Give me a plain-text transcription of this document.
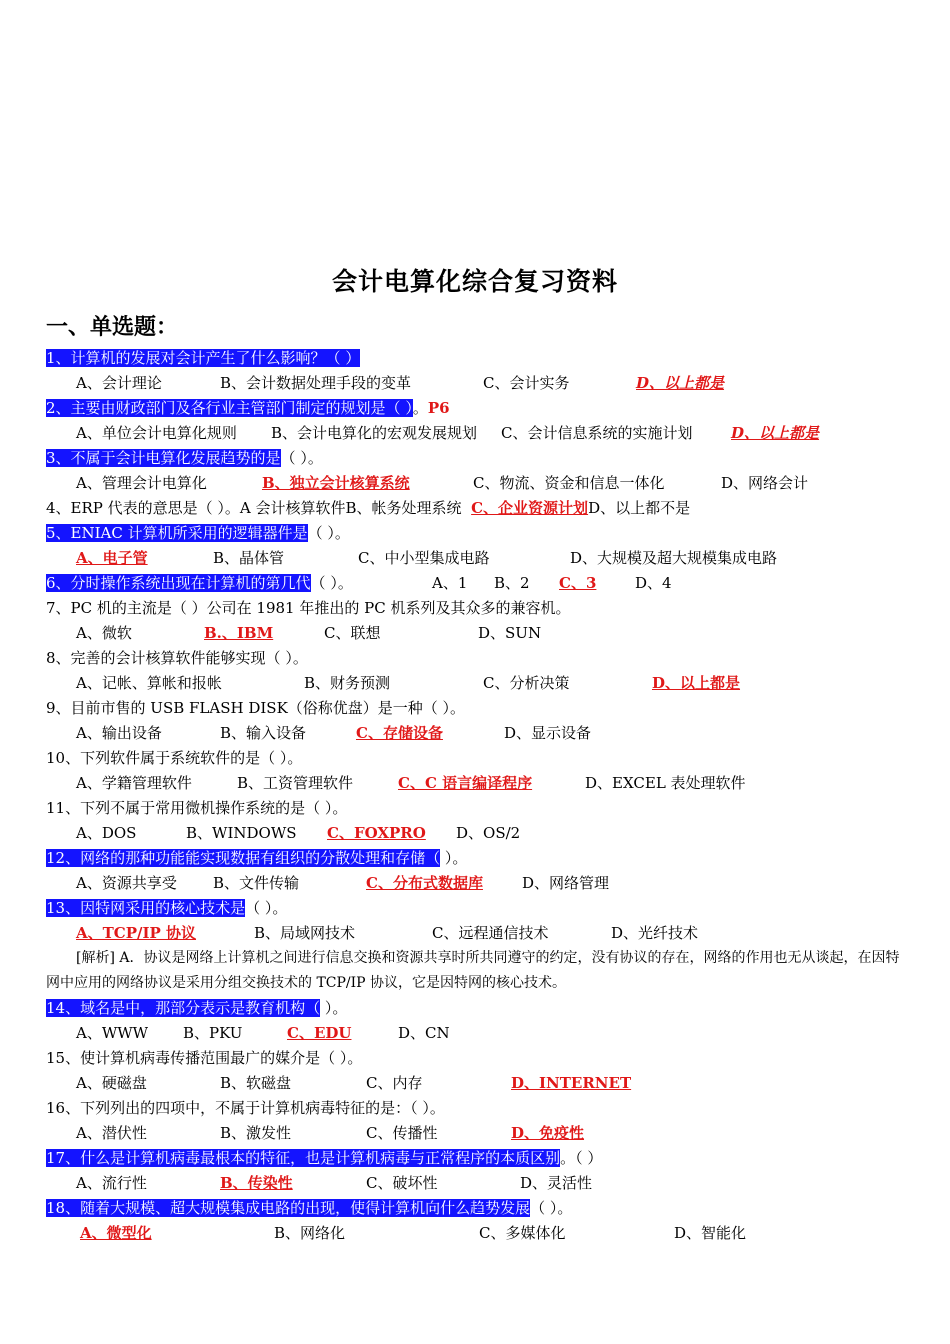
会计电算化综合复习资料
一、单选题：
1、计算机的发展对会计产生了什么影响？（ ）
A、会计理论	B、会计数据处理手段的变革	C、会计实务	D、以上都是
2、主要由财政部门及各行业主管部门制定的规划是（ ）。P6
A、单位会计电算化规则 B、会计电算化的宏观发展规划 C、会计信息系统的实施计划	D、以上都是
3、不属于会计电算化发展趋势的是（ ）。
A、管理会计电算化	B、独立会计核算系统	C、物流、资金和信息一体化	D、网络会计
4、ERP 代表的意思是（ ）。A 会计核算软件B、帐务处理系统 C、企业资源计划D、以上都不是
5、ENIAC 计算机所采用的逻辑器件是（ ）。
A、电子管	B、晶体管	C、中小型集成电路	D、大规模及超大规模集成电路
6、分时操作系统出现在计算机的第几代（ ）。	A、1 B、2 C、3	D、4
7、PC 机的主流是（ ）公司在 1981 年推出的 PC 机系列及其众多的兼容机。
A、微软	B.、IBM	C、联想	D、SUN
8、完善的会计核算软件能够实现（ ）。
A、记帐、算帐和报帐	B、财务预测	C、分析决策	D、以上都是
9、目前市售的 USB FLASH DISK（俗称优盘）是一种（ ）。
A、输出设备	B、输入设备	C、存储设备	D、显示设备
10、下列软件属于系统软件的是（ ）。
A、学籍管理软件	B、工资管理软件	C、C 语言编译程序	D、EXCEL 表处理软件
11、下列不属于常用微机操作系统的是（ ）。
A、DOS	B、WINDOWS C、FOXPRO D、OS/2
12、网络的那种功能能实现数据有组织的分散处理和存储（ ）。
A、资源共享受 B、文件传输	C、分布式数据库	D、网络管理
13、因特网采用的核心技术是（ ）。
A、TCP/IP 协议	B、局域网技术	C、远程通信技术	D、光纤技术
[解析] A．协议是网络上计算机之间进行信息交换和资源共享时所共同遵守的约定，没有协议的存在，网络的作用也无从谈起，在因特网中应用的网络协议是采用分组交换技术的 TCP/IP 协议，它是因特网的核心技术。
14、域名是中，那部分表示是教育机构（ ）。
A、WWW B、PKU	C、EDU	D、CN
15、使计算机病毒传播范围最广的媒介是（ ）。
A、硬磁盘	B、软磁盘	C、内存	D、INTERNET
16、下列列出的四项中，不属于计算机病毒特征的是：（ ）。
A、潜伏性	B、激发性	C、传播性	D、免疫性
17、什么是计算机病毒最根本的特征，也是计算机病毒与正常程序的本质区别。（ ）
A、流行性	B、传染性	C、破坏性	D、灵活性
18、随着大规模、超大规模集成电路的出现，使得计算机向什么趋势发展（ ）。
A、微型化	B、网络化	C、多媒体化	D、智能化
